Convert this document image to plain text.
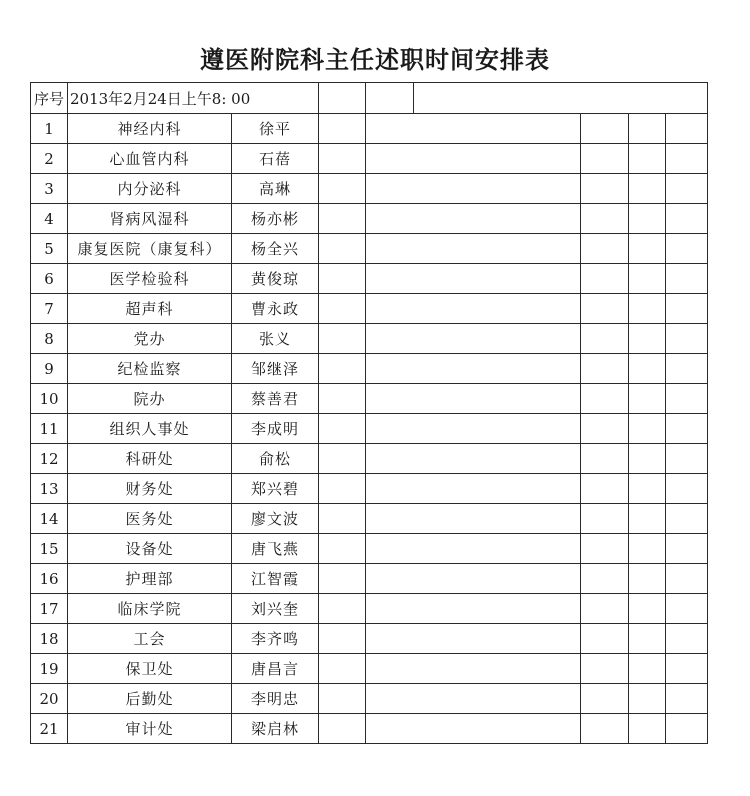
遵医附院科主任述职时间安排表
序号	2013年2月24日上午8: 00							
1	神经内科	徐平						
2	心血管内科	石蓓						
3	内分泌科	高琳						
4	肾病风湿科	杨亦彬						
5	康复医院（康复科）	杨全兴						
6	医学检验科	黄俊琼						
7	超声科	曹永政						
8	党办	张义						
9	纪检监察	邹继泽						
10	院办	蔡善君						
11	组织人事处	李成明						
12	科研处	俞松						
13	财务处	郑兴碧						
14	医务处	廖文波						
15	设备处	唐飞燕						
16	护理部	江智霞						
17	临床学院	刘兴奎						
18	工会	李齐鸣						
19	保卫处	唐昌言						
20	后勤处	李明忠						
21	审计处	梁启林						
